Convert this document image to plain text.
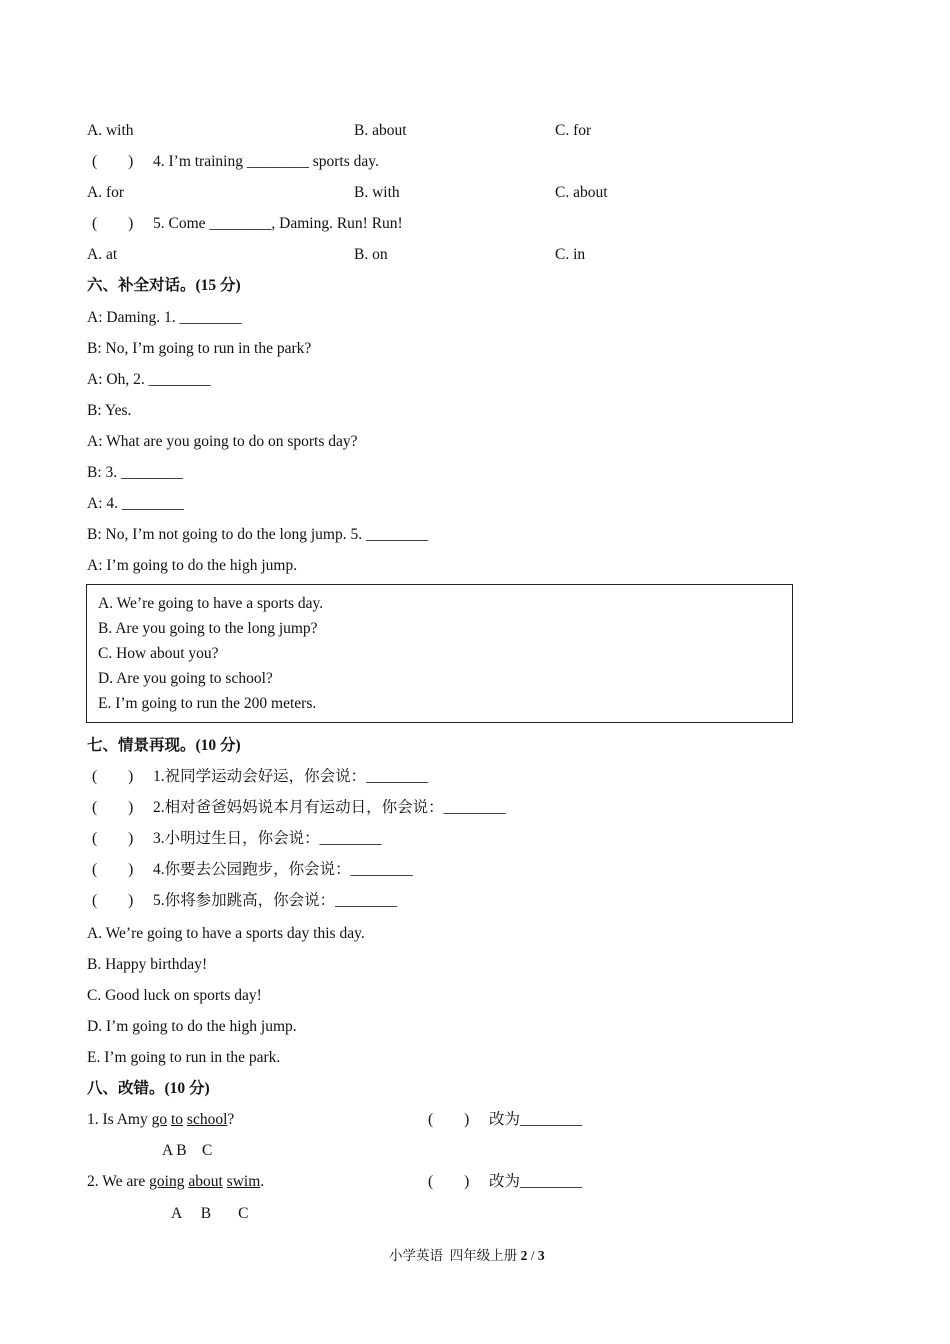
A. with	B. about	C. for
(　　) 4. I’m training ________ sports day.
A. for	B. with	C. about
(　　) 5. Come ________, Daming. Run! Run!
A. at	B. on	C. in
六、补全对话。(15 分)
A: Daming. 1. ________
B: No, I’m going to run in the park?
A: Oh, 2. ________
B: Yes.
A: What are you going to do on sports day?
B: 3. ________
A: 4. ________
B: No, I’m not going to do the long jump. 5. ________
A: I’m going to do the high jump.
A. We’re going to have a sports day.
B. Are you going to the long jump?
C. How about you?
D. Are you going to school?
E. I’m going to run the 200 meters.
七、情景再现。(10 分)
(　　) 1.祝同学运动会好运，你会说：________
(　　) 2.相对爸爸妈妈说本月有运动日，你会说：________
(　　) 3.小明过生日，你会说：________
(　　) 4.你要去公园跑步，你会说：________
(　　) 5.你将参加跳高，你会说：________
A. We’re going to have a sports day this day.
B. Happy birthday!
C. Good luck on sports day!
D. I’m going to do the high jump.
E. I’m going to run in the park.
八、改错。(10 分)
1. Is Amy go to school?	(　　) 改为________
A B    C
2. We are going about swim.	(　　) 改为________
A     B       C
小学英语  四年级上册 2 / 3
